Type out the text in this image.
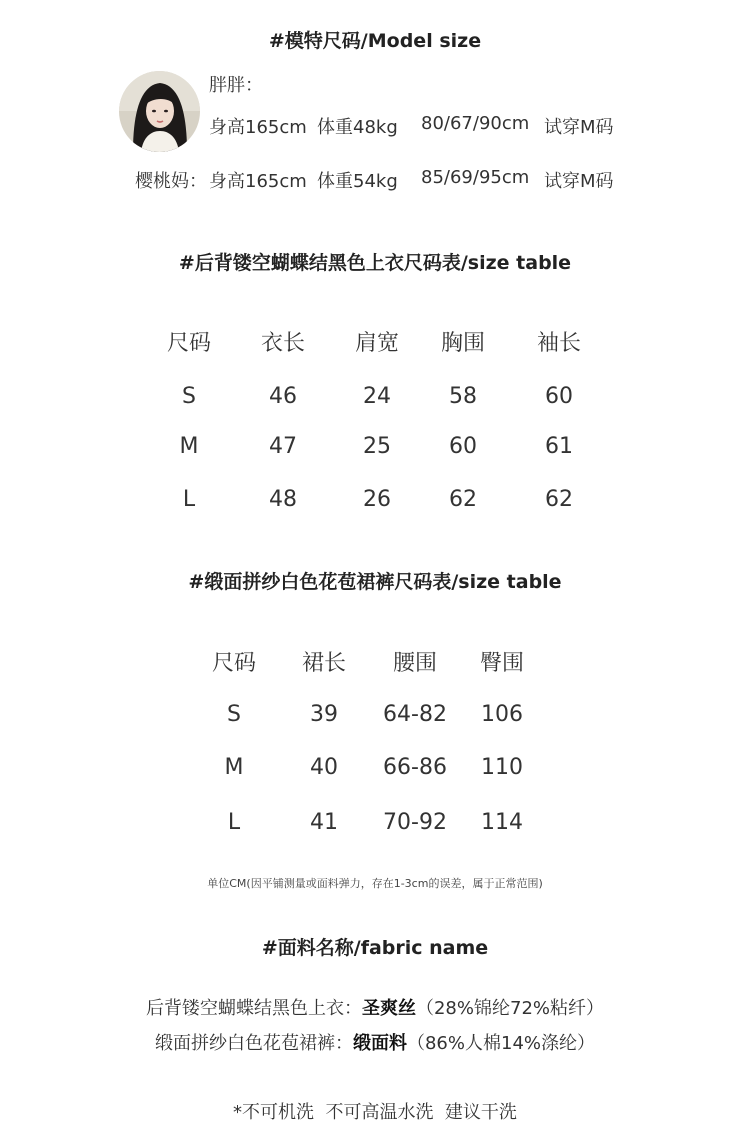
#模特尺码/Model size
胖胖：
身高165cm 体重48kg 80/67/90cm 试穿M码
樱桃妈： 身高165cm 体重54kg 85/69/95cm 试穿M码
#后背镂空蝴蝶结黑色上衣尺码表/size table
尺码	衣长	肩宽	胸围	袖长
S	46	24	58	60
M	47	25	60	61
L	48	26	62	62
#缎面拼纱白色花苞裙裤尺码表/size table
尺码	裙长	腰围	臀围
S	39	64-82	106
M	40	66-86	110
L	41	70-92	114
单位CM(因平铺测量或面料弹力，存在1-3cm的误差，属于正常范围)
#面料名称/fabric name
后背镂空蝴蝶结黑色上衣：圣爽丝（28%锦纶72%粘纤）
缎面拼纱白色花苞裙裤：缎面料（86%人棉14%涤纶）
*不可机洗  不可高温水洗  建议干洗
